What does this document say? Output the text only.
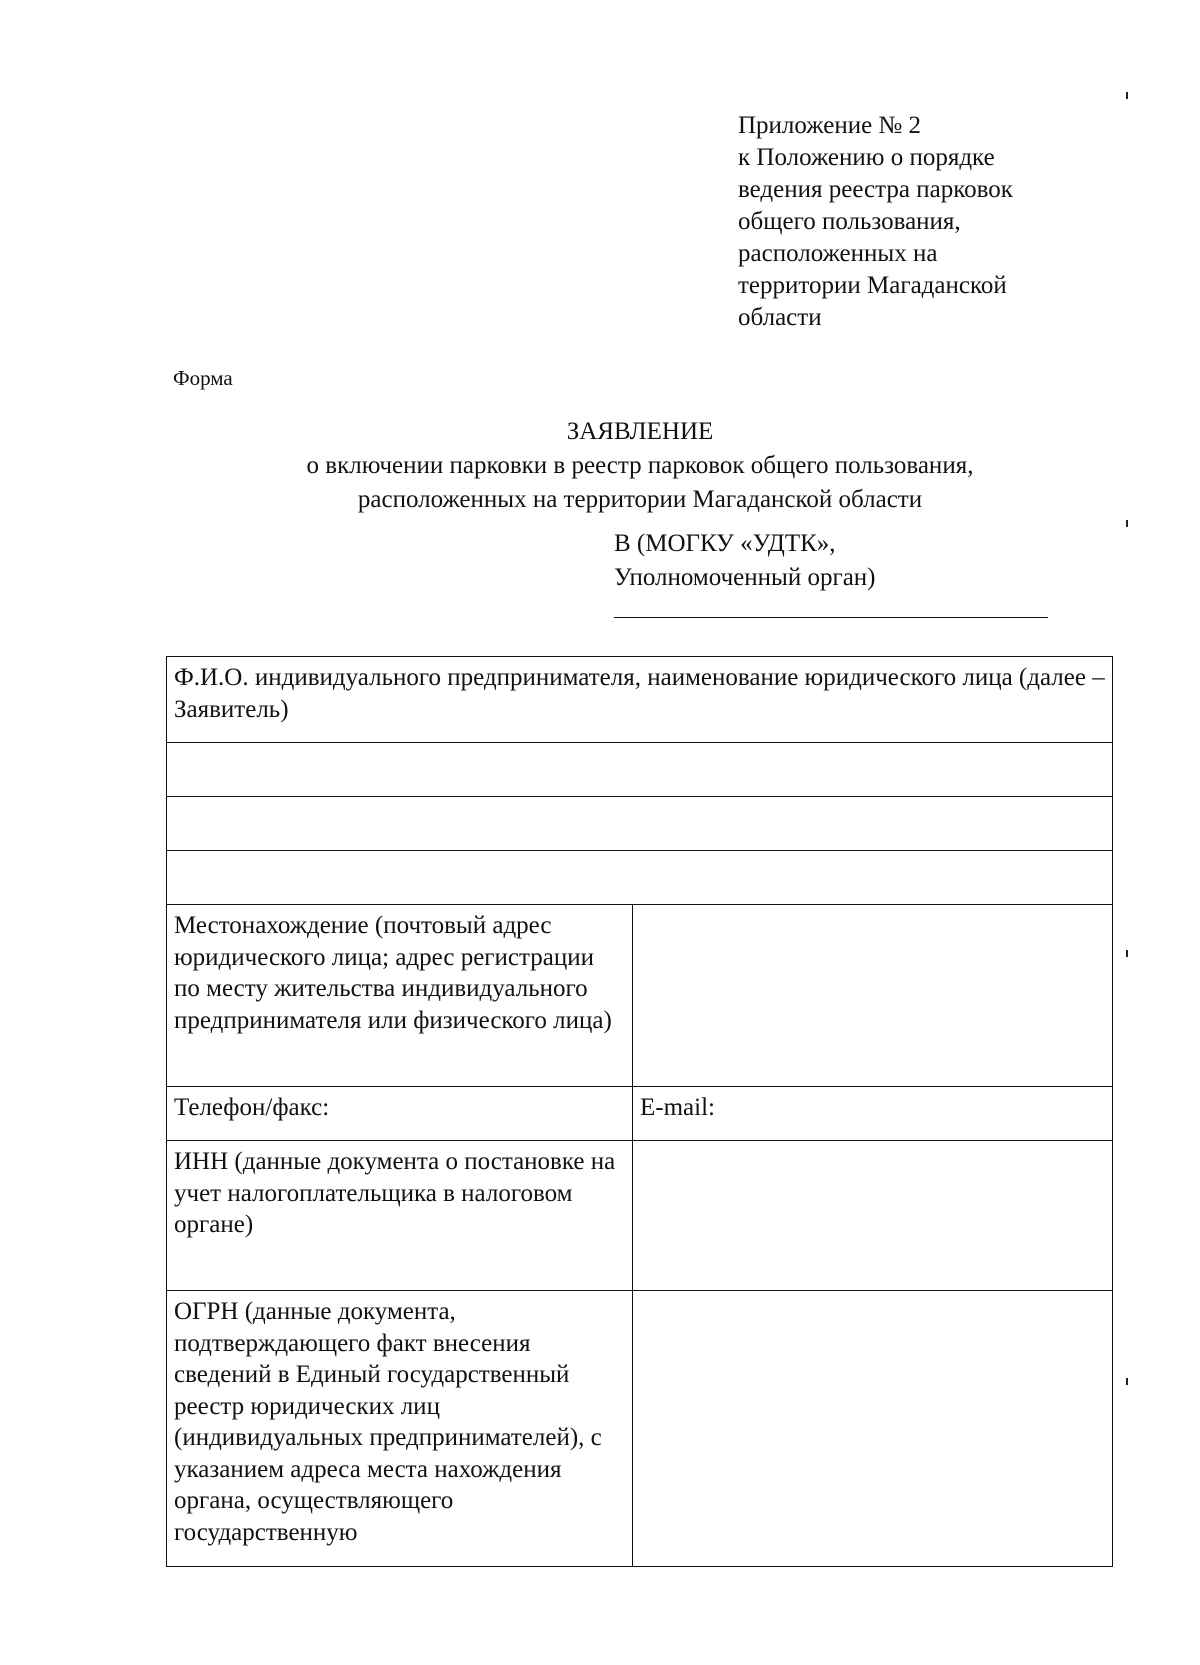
Приложение № 2
к Положению о порядке
ведения реестра парковок
общего пользования,
расположенных на
территории Магаданской
области
Форма
ЗАЯВЛЕНИЕ
о включении парковки в реестр парковок общего пользования,
расположенных на территории Магаданской области
В (МОГКУ «УДТК»,
Уполномоченный орган)
Ф.И.О. индивидуального предпринимателя, наименование юридического лица (далее – Заявитель)	

Местонахождение (почтовый адрес юридического лица; адрес регистрации по месту жительства индивидуального предпринимателя или физического лица)	
Телефон/факс:	E-mail:
ИНН (данные документа о постановке на учет налогоплательщика в налоговом органе)	
ОГРН (данные документа, подтверждающего факт внесения сведений в Единый государственный реестр юридических лиц (индивидуальных предпринимателей), с указанием адреса места нахождения органа, осуществляющего государственную	
